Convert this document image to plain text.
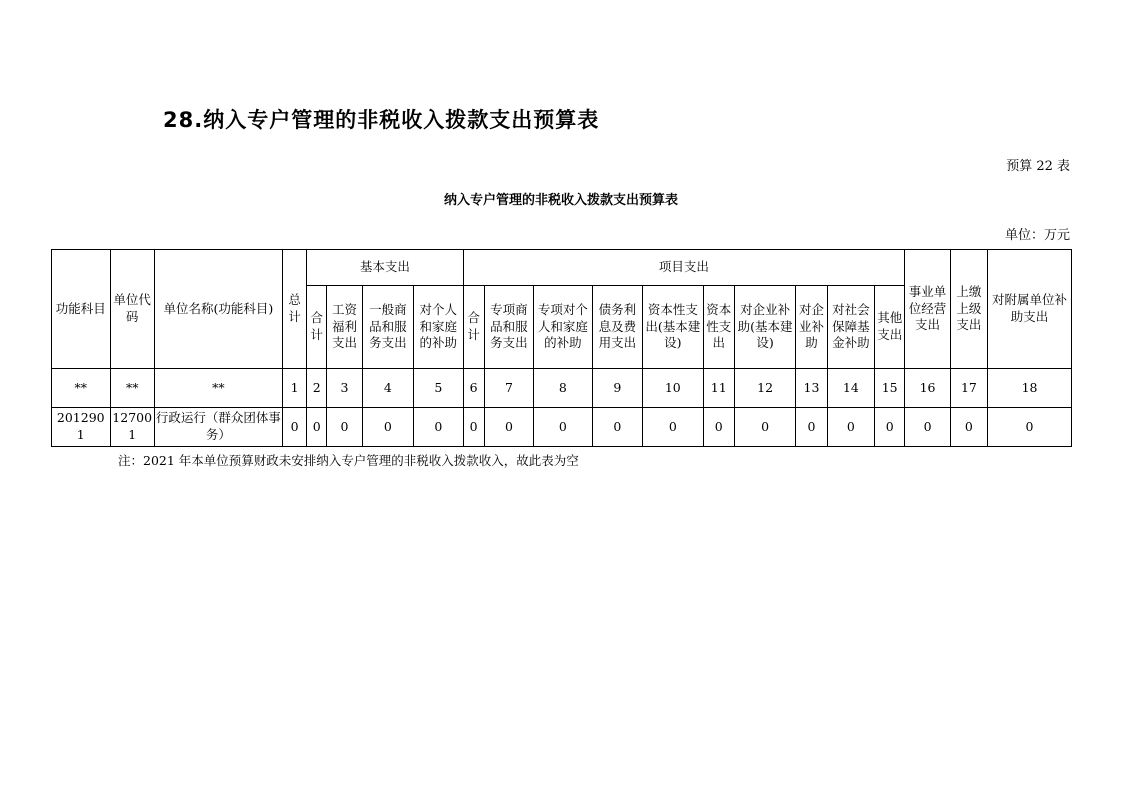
28.纳入专户管理的非税收入拨款支出预算表
预算 22 表
纳入专户管理的非税收入拨款支出预算表
单位：万元
功能科目	单位代码	单位名称(功能科目)	总计	基本支出				项目支出										事业单位经营支出	上缴上级支出	对附属单位补助支出
				合计	工资福利支出	一般商品和服务支出	对个人和家庭的补助	合计	专项商品和服务支出	专项对个人和家庭的补助	债务利息及费用支出	资本性支出(基本建设)	资本性支出	对企业补助(基本建设)	对企业补助	对社会保障基金补助	其他支出			
**	**	**	1	2	3	4	5	6	7	8	9	10	11	12	13	14	15	16	17	18
2012901	127001	行政运行（群众团体事务）	0	0	0	0	0	0	0	0	0	0	0	0	0	0	0	0	0	0
注：2021 年本单位预算财政未安排纳入专户管理的非税收入拨款收入，故此表为空
